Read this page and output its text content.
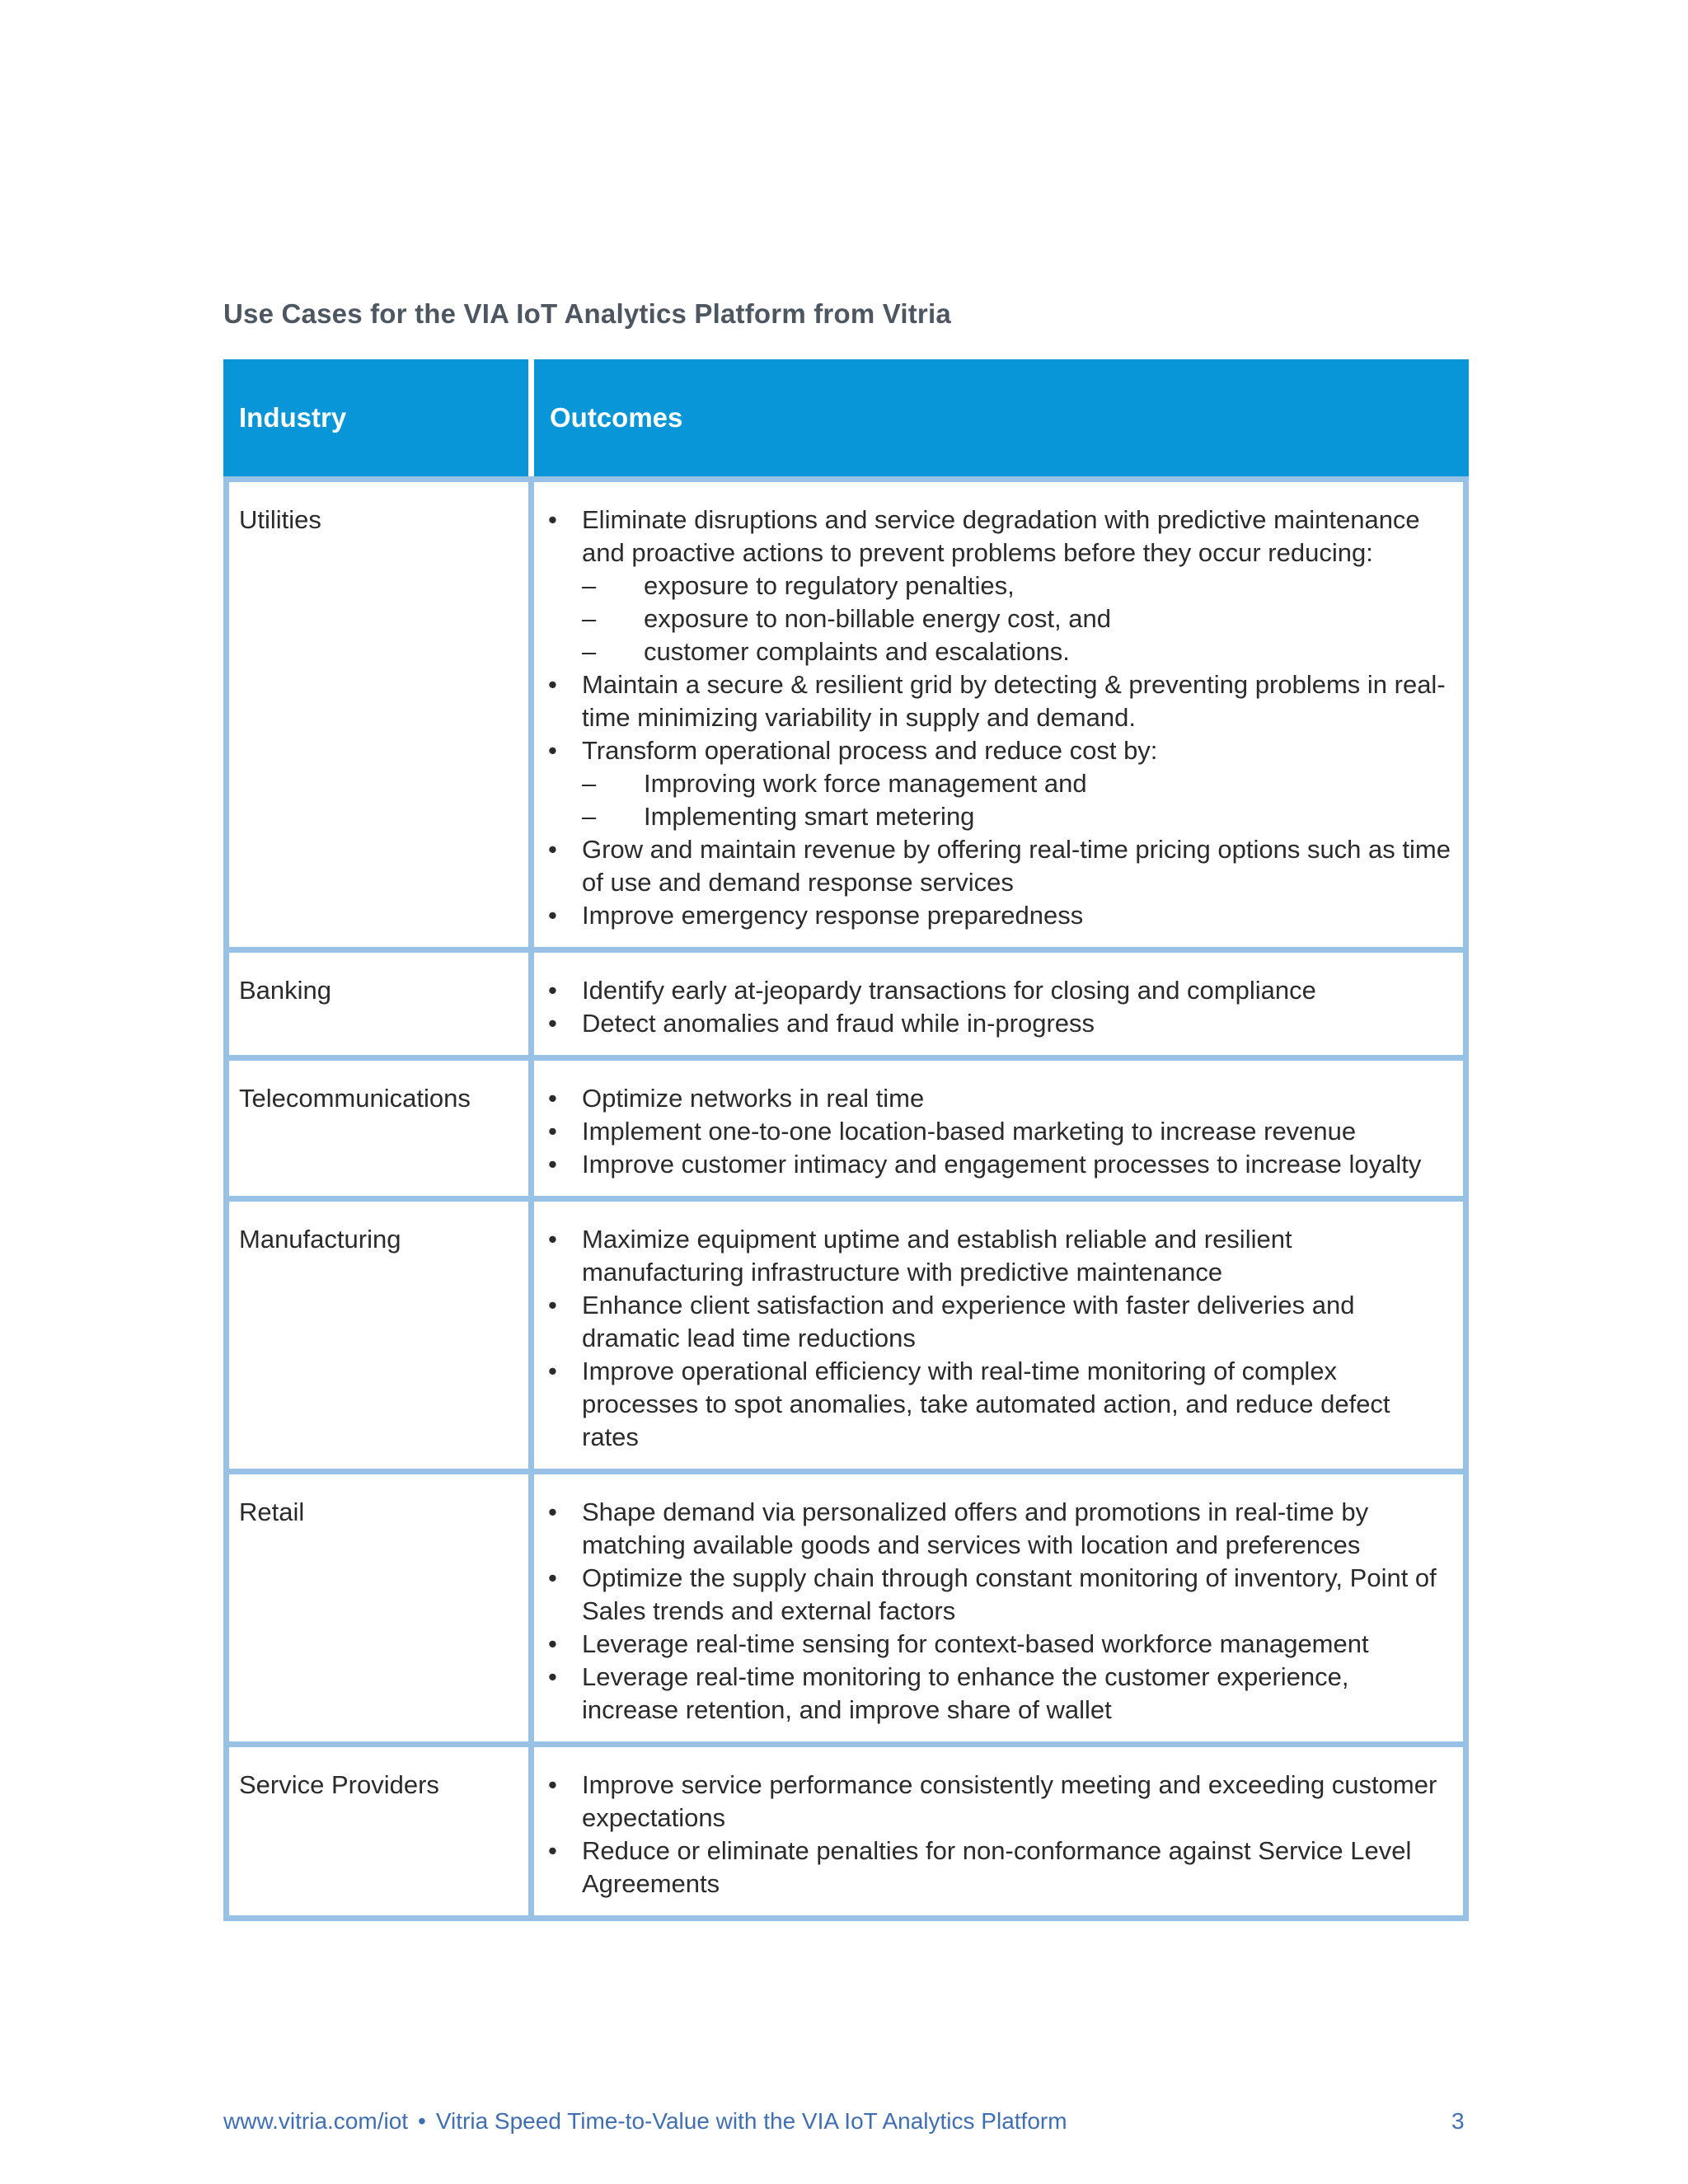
Use Cases for the VIA IoT Analytics Platform from Vitria
Industry	Outcomes
Utilities	• Eliminate disruptions and service degradation with predictive maintenance and proactive actions to prevent problems before they occur reducing:
– exposure to regulatory penalties,
– exposure to non-billable energy cost, and
– customer complaints and escalations.
• Maintain a secure & resilient grid by detecting & preventing problems in real-time minimizing variability in supply and demand.
• Transform operational process and reduce cost by:
– Improving work force management and
– Implementing smart metering
• Grow and maintain revenue by offering real-time pricing options such as time of use and demand response services
• Improve emergency response preparedness
Banking	• Identify early at-jeopardy transactions for closing and compliance
• Detect anomalies and fraud while in-progress
Telecommunications	• Optimize networks in real time
• Implement one-to-one location-based marketing to increase revenue
• Improve customer intimacy and engagement processes to increase loyalty
Manufacturing	• Maximize equipment uptime and establish reliable and resilient manufacturing infrastructure with predictive maintenance
• Enhance client satisfaction and experience with faster deliveries and dramatic lead time reductions
• Improve operational efficiency with real-time monitoring of complex processes to spot anomalies, take automated action, and reduce defect rates
Retail	• Shape demand via personalized offers and promotions in real-time by matching available goods and services with location and preferences
• Optimize the supply chain through constant monitoring of inventory, Point of Sales trends and external factors
• Leverage real-time sensing for context-based workforce management
• Leverage real-time monitoring to enhance the customer experience, increase retention, and improve share of wallet
Service Providers	• Improve service performance consistently meeting and exceeding customer expectations
• Reduce or eliminate penalties for non-conformance against Service Level Agreements
www.vitria.com/iot • Vitria Speed Time-to-Value with the VIA IoT Analytics Platform	3
